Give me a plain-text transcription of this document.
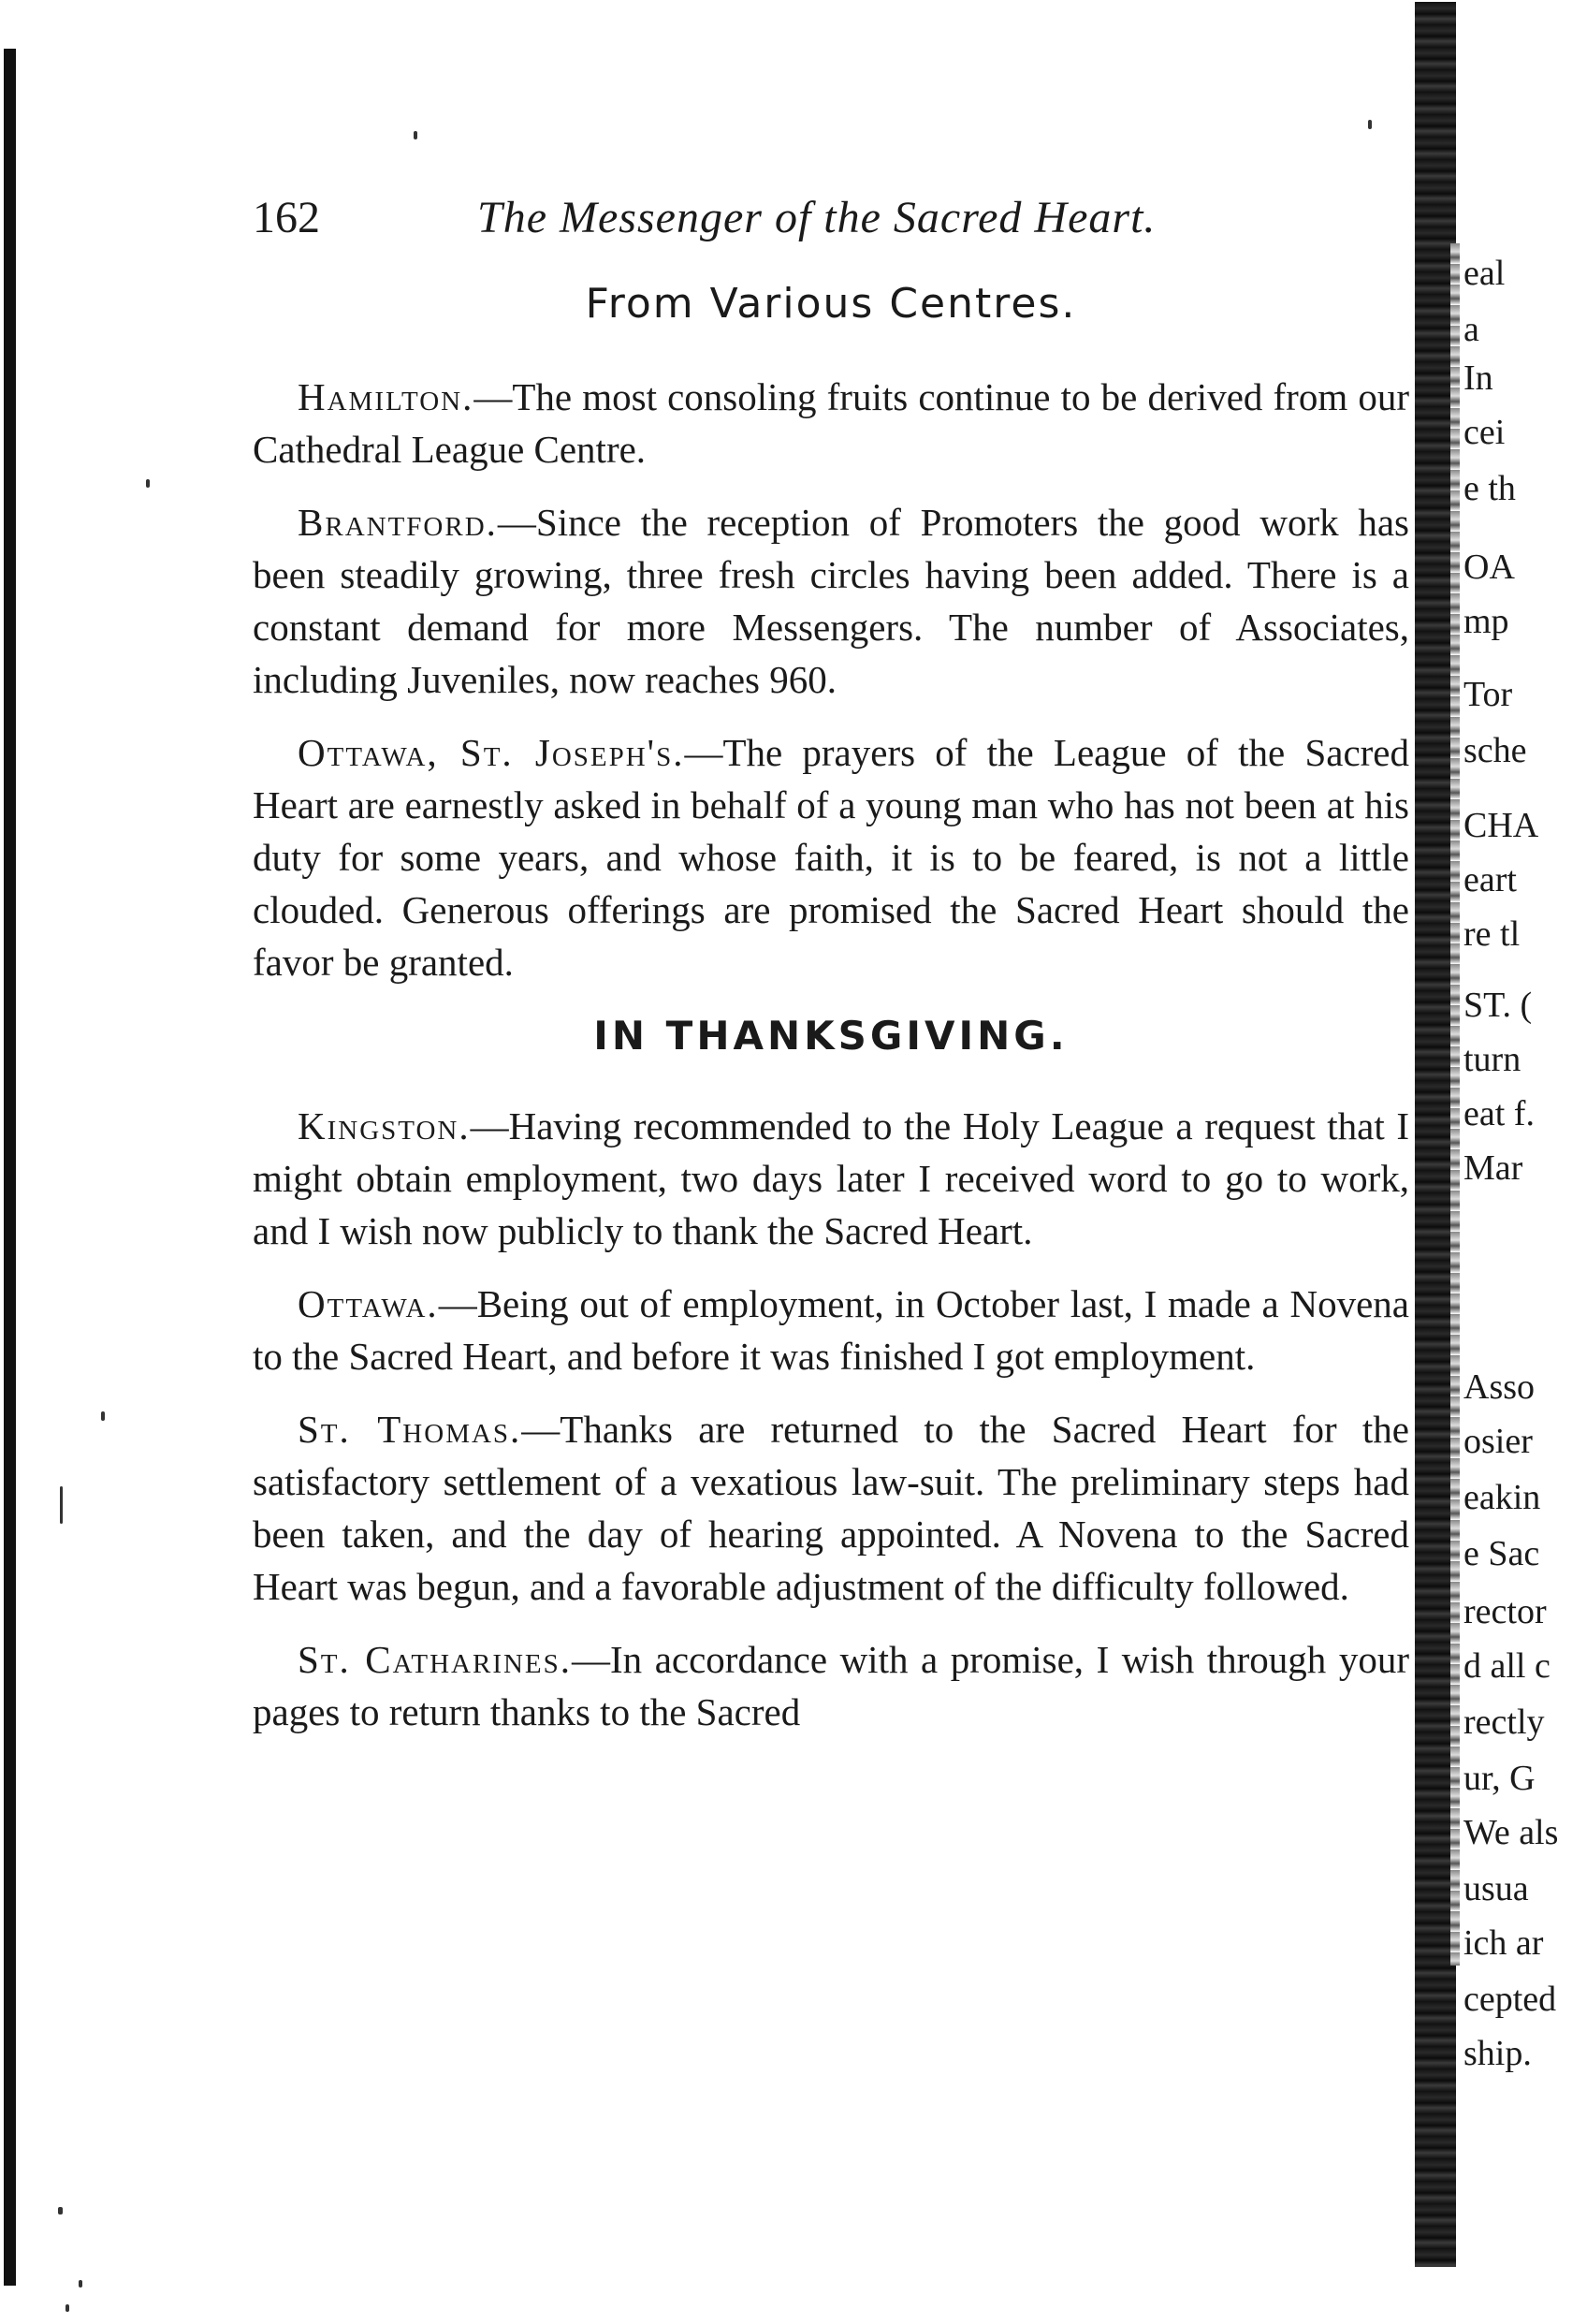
162	The Messenger of the Sacred Heart.
From Various Centres.

Hamilton.—The most consoling fruits continue to be derived from our Cathedral League Centre.

Brantford.—Since the reception of Promoters the good work has been steadily growing, three fresh circles having been added. There is a constant demand for more Messengers. The number of Associates, including Juveniles, now reaches 960.

Ottawa, St. Joseph's.—The prayers of the League of the Sacred Heart are earnestly asked in behalf of a young man who has not been at his duty for some years, and whose faith, it is to be feared, is not a little clouded. Generous offerings are promised the Sacred Heart should the favor be granted.

IN THANKSGIVING.

Kingston.—Having recommended to the Holy League a request that I might obtain employment, two days later I received word to go to work, and I wish now publicly to thank the Sacred Heart.

Ottawa.—Being out of employment, in October last, I made a Novena to the Sacred Heart, and before it was finished I got employment.

St. Thomas.—Thanks are returned to the Sacred Heart for the satisfactory settlement of a vexatious law-suit. The preliminary steps had been taken, and the day of hearing appointed. A Novena to the Sacred Heart was begun, and a favorable adjustment of the difficulty followed.

St. Catharines.—In accordance with a promise, I wish through your pages to return thanks to the Sacred

eal
a
In
cei
e th
OA
mp
Tor
sche
CHA
eart
re tl
ST. (
turn
eat f.
Mar
Asso
osier
eakin
e Sac
rector
d all c
rectly
ur, G
We als
usua
ich ar
cepted
ship.
